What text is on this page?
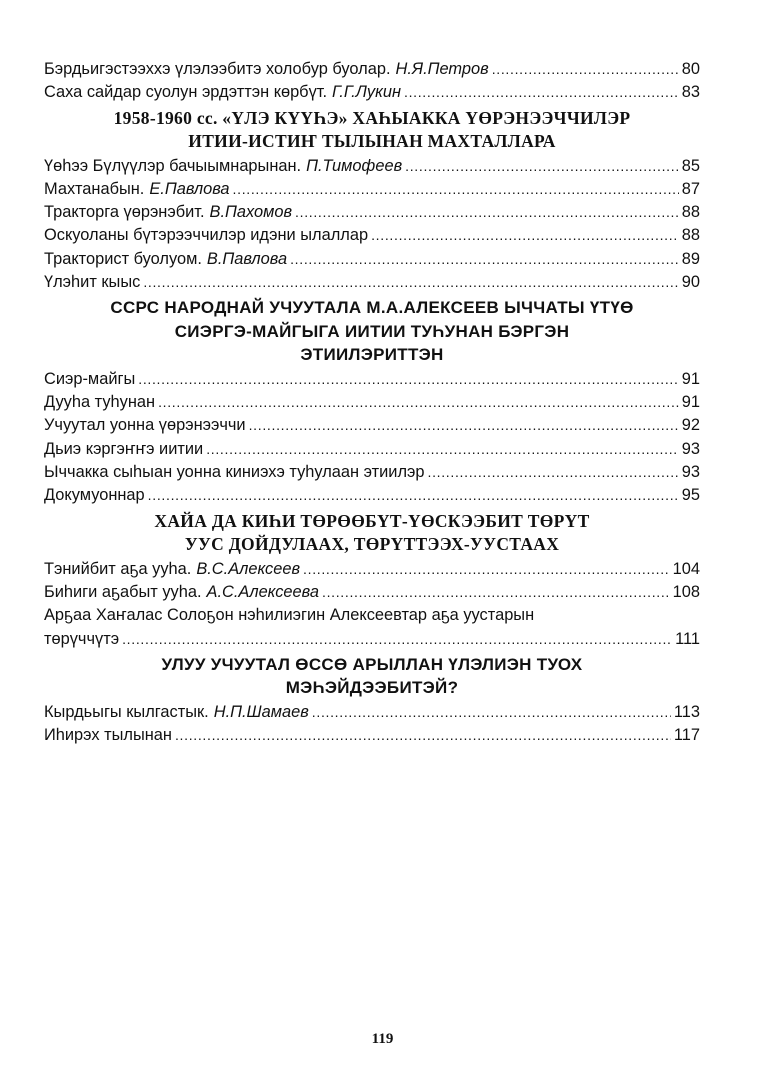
Бэрдьигэстээххэ үлэлээбитэ холобур буолар. Н.Я.Петров . . .	80
Саха сайдар суолун эрдэттэн көрбүт. Г.Г.Лукин . . .	83
1958-1960 сс. «ҮЛЭ КҮҮҺЭ» ХАҺЫАККА ҮӨРЭНЭЭЧЧИЛЭР
ИТИИ-ИСТИҤ ТЫЛЫНАН МАХТАЛЛАРА
Үөһээ Бүлүүлэр бачыымнарынан. П.Тимофеев . . .	85
Махтанабын. Е.Павлова . . .	87
Тракторга үөрэнэбит. В.Пахомов . . .	88
Оскуоланы бүтэрээччилэр идэни ылаллар . . .	88
Тракторист буолуом. В.Павлова . . .	89
Үлэһит кыыс . . .	90
ССРС НАРОДНАЙ УЧУУТАЛА М.А.АЛЕКСЕЕВ ЫЧЧАТЫ ҮТҮӨ
СИЭРГЭ-МАЙГЫГА ИИТИИ ТУҺУНАН БЭРГЭН
ЭТИИЛЭРИТТЭН
Сиэр-майгы . . .	91
Дууһа туһунан . . .	91
Учуутал уонна үөрэнээччи . . .	92
Дьиэ кэргэҥҥэ иитии . . .	93
Ыччакка сыһыан уонна киниэхэ туһулаан этиилэр . . .	93
Докумуоннар . . .	95
ХАЙА ДА КИҺИ ТӨРӨӨБҮТ-ҮӨСКЭЭБИТ ТӨРҮТ
УУС ДОЙДУЛААХ, ТӨРҮТТЭЭХ-УУСТААХ
Тэнийбит аҕа ууһа. В.С.Алексеев . . .	104
Биһиги аҕабыт ууһа. А.С.Алексеева . . .	108
Арҕаа Хаҥалас Солоҕон нэһилиэгин Алексеевтар аҕа уустарын
төрүччүтэ . . .	111
УЛУУ УЧУУТАЛ ӨССӨ АРЫЛЛАН ҮЛЭЛИЭН ТУОХ
МЭҺЭЙДЭЭБИТЭЙ?
Кырдьыгы кылгастык. Н.П.Шамаев . . .	113
Иһирэх тылынан . . .	117
119
